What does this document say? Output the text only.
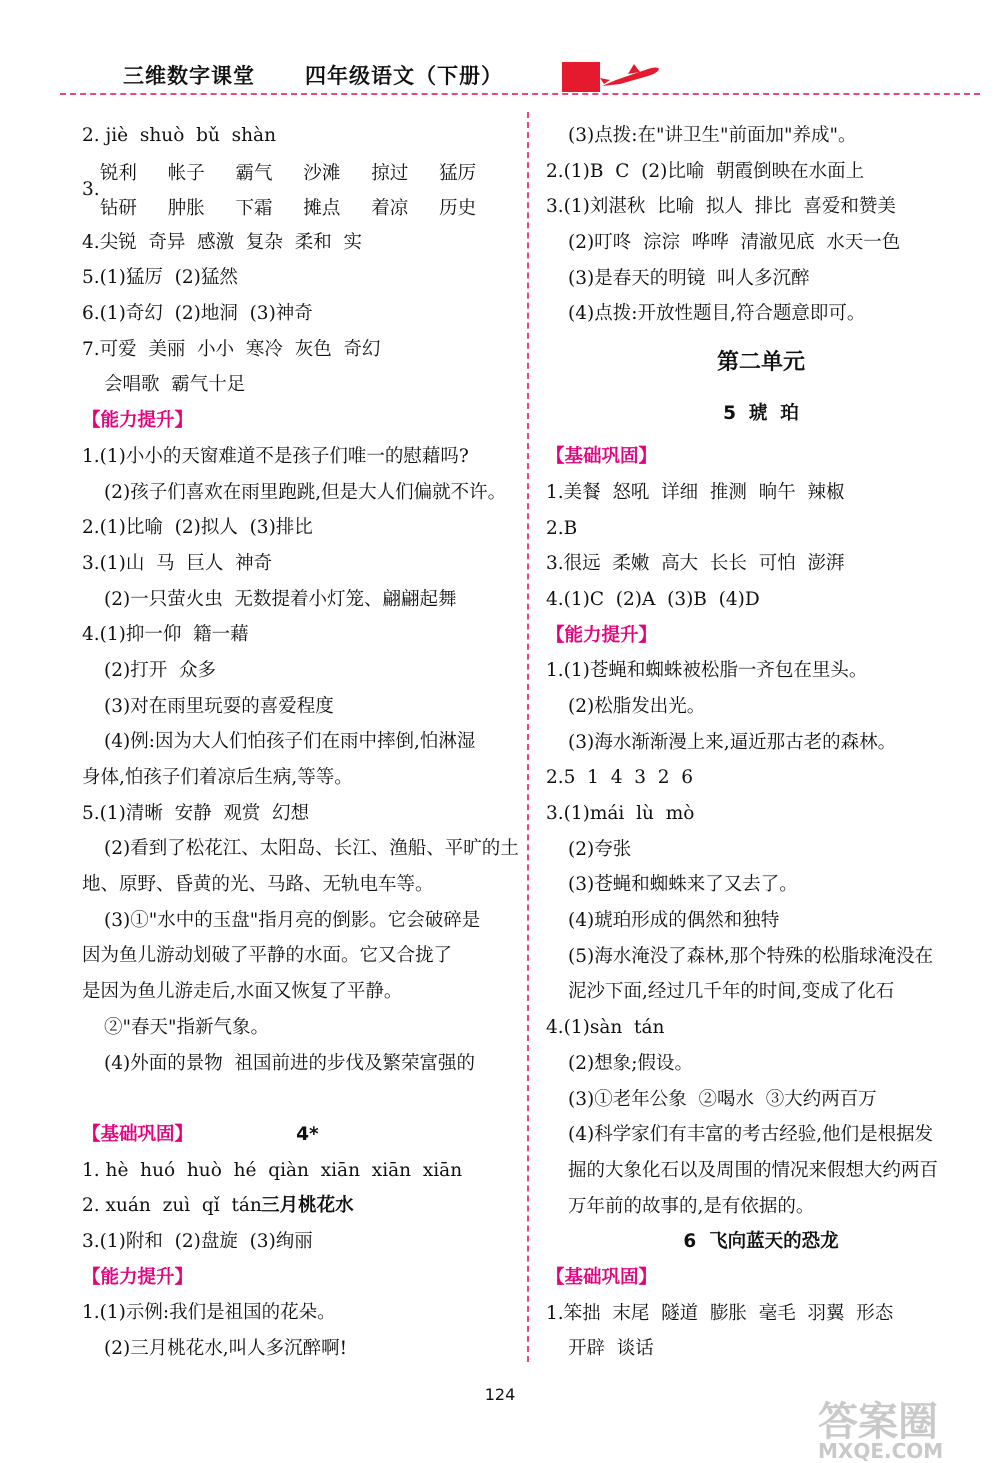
三维数字课堂 四年级语文（下册）
2. jiè  shuò  bǔ  shàn
3.
锐利	帐子	霸气	沙滩	掠过	猛厉
钻研	肿胀	下霜	摊点	着凉	历史
4.尖锐  奇异  感激  复杂  柔和  实
5.(1)猛厉  (2)猛然
6.(1)奇幻  (2)地洞  (3)神奇
7.可爱  美丽  小小  寒冷  灰色  奇幻
会唱歌  霸气十足
【能力提升】
1.(1)小小的天窗难道不是孩子们唯一的慰藉吗?
(2)孩子们喜欢在雨里跑跳,但是大人们偏就不许。
2.(1)比喻  (2)拟人  (3)排比
3.(1)山  马  巨人  神奇
(2)一只萤火虫  无数提着小灯笼、翩翩起舞
4.(1)抑一仰  籍一藉
(2)打开  众多
(3)对在雨里玩耍的喜爱程度
(4)例:因为大人们怕孩子们在雨中摔倒,怕淋湿
身体,怕孩子们着凉后生病,等等。
5.(1)清晰  安静  观赏  幻想
(2)看到了松花江、太阳岛、长江、渔船、平旷的土
地、原野、昏黄的光、马路、无轨电车等。
(3)①"水中的玉盘"指月亮的倒影。它会破碎是
因为鱼儿游动划破了平静的水面。它又合拢了
是因为鱼儿游走后,水面又恢复了平静。
②"春天"指新气象。
(4)外面的景物  祖国前进的步伐及繁荣富强的

4*

三月桃花水

【基础巩固】
1. hè  huó  huò  hé  qiàn  xiān  xiān  xiān
2. xuán  zuì  qǐ  tán
3.(1)附和  (2)盘旋  (3)绚丽
【能力提升】
1.(1)示例:我们是祖国的花朵。
(2)三月桃花水,叫人多沉醉啊!
(3)点拨:在"讲卫生"前面加"养成"。
2.(1)B  C  (2)比喻  朝霞倒映在水面上
3.(1)刘湛秋  比喻  拟人  排比  喜爱和赞美
(2)叮咚  淙淙  哗哗  清澈见底  水天一色
(3)是春天的明镜  叫人多沉醉
(4)点拨:开放性题目,符合题意即可。
第二单元
5  琥  珀
【基础巩固】
1.美餐  怒吼  详细  推测  晌午  辣椒
2.B
3.很远  柔嫩  高大  长长  可怕  澎湃
4.(1)C  (2)A  (3)B  (4)D
【能力提升】
1.(1)苍蝇和蜘蛛被松脂一齐包在里头。
(2)松脂发出光。
(3)海水渐渐漫上来,逼近那古老的森林。
2.5  1  4  3  2  6
3.(1)mái  lù  mò
(2)夸张
(3)苍蝇和蜘蛛来了又去了。
(4)琥珀形成的偶然和独特
(5)海水淹没了森林,那个特殊的松脂球淹没在
泥沙下面,经过几千年的时间,变成了化石
4.(1)sàn  tán
(2)想象;假设。
(3)①老年公象  ②喝水  ③大约两百万
(4)科学家们有丰富的考古经验,他们是根据发
掘的大象化石以及周围的情况来假想大约两百
万年前的故事的,是有依据的。
6  飞向蓝天的恐龙
【基础巩固】
1.笨拙  末尾  隧道  膨胀  毫毛  羽翼  形态
开辟  谈话
124
答案圈
MXQE.COM
